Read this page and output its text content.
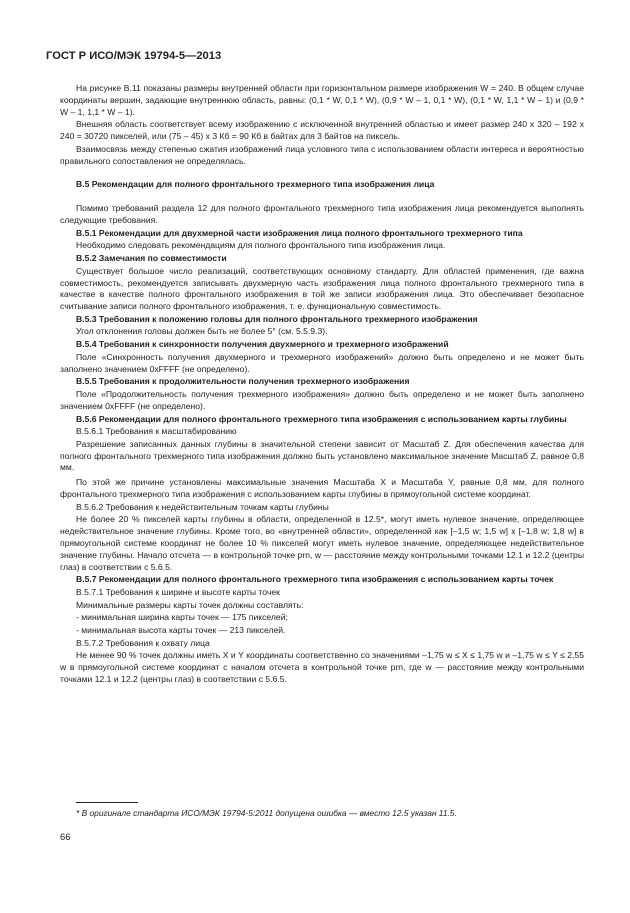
ГОСТ Р ИСО/МЭК 19794-5—2013

На рисунке В.11 показаны размеры внутренней области при горизонтальном размере изображения W = 240. В общем случае координаты вершин, задающие внутреннюю область, равны: (0,1 * W, 0,1 * W), (0,9 * W – 1, 0,1 * W), (0,1 * W, 1,1 * W – 1) и (0,9 * W – 1, 1,1 * W – 1).

Внешняя область соответствует всему изображению с исключенной внутренней областью и имеет размер 240 x 320 – 192 x 240 = 30720 пикселей, или (75 – 45) х 3 Кб = 90 Кб в байтах для 3 байтов на пиксель.

Взаимосвязь между степенью сжатия изображений лица условного типа с использованием области интереса и вероятностью правильного сопоставления не определялась.

В.5 Рекомендации для полного фронтального трехмерного типа изображения лица

Помимо требований раздела 12 для полного фронтального трехмерного типа изображения лица рекомендуется выполнять следующие требования.

В.5.1 Рекомендации для двухмерной части изображения лица полного фронтального трехмерного типа

Необходимо следовать рекомендациям для полного фронтального типа изображения лица.

В.5.2 Замечания по совместимости

Существует большое число реализаций, соответствующих основному стандарту. Для областей применения, где важна совместимость, рекомендуется записывать двухмерную часть изображения лица полного фронтального трехмерного типа в качестве в качестве полного фронтального изображения в той же записи изображения лица. Это обеспечивает безопасное считывание записи полного фронтального изображения, т. е. функциональную совместимость.

В.5.3 Требования к положению головы для полного фронтального трехмерного изображения

Угол отклонения головы должен быть не более 5° (см. 5.5.9.3).

В.5.4 Требования к синхронности получения двухмерного и трехмерного изображений

Поле «Синхронность получения двухмерного и трехмерного изображений» должно быть определено и не может быть заполнено значением 0xFFFF (не определено).

В.5.5 Требования к продолжительности получения трехмерного изображения

Поле «Продолжительность получения трехмерного изображения» должно быть определено и не может быть заполнено значением 0xFFFF (не определено).

В.5.6 Рекомендации для полного фронтального трехмерного типа изображения с использованием карты глубины

В.5.6.1 Требования к масштабированию

Разрешение записанных данных глубины в значительной степени зависит от Масштаб Z. Для обеспечения качества для полного фронтального трехмерного типа изображения должно быть установлено максимальное значение Масштаб Z, равное 0,8 мм.

По этой же причине установлены максимальные значения Масштаба X и Масштаба Y, равные 0,8 мм, для полного фронтального трехмерного типа изображения с использованием карты глубины в прямоугольной системе координат.

В.5.6.2 Требования к недействительным точкам карты глубины

Не более 20 % пикселей карты глубины в области, определенной в 12.5*, могут иметь нулевое значение, определяющее недействительное значение глубины. Кроме того, во «внутренней области», определенной как [–1,5 w; 1,5 w] x [–1,8 w; 1,8 w] в прямоугольной системе координат не более 10 % пикселей могут иметь нулевое значение, определяющее недействительное значение глубины. Начало отсчета — в контрольной точке prn, w — расстояние между контрольными точками 12.1 и 12.2 (центры глаз) в соответствии с 5.6.5.

В.5.7 Рекомендации для полного фронтального трехмерного типа изображения с использованием карты точек

В.5.7.1 Требования к ширине и высоте карты точек

Минимальные размеры карты точек должны составлять:

- минимальная ширина карты точек — 175 пикселей;

- минимальная высота карты точек — 213 пикселей.

В.5.7.2 Требования к охвату лица

Не менее 90 % точек должны иметь X и Y координаты соответственно со значениями –1,75 w ≤ X ≤ 1,75 w и –1,75 w ≤ Y ≤ 2,55 w в прямоугольной системе координат с началом отсчета в контрольной точке prn, где w — расстояние между контрольными точками 12.1 и 12.2 (центры глаз) в соответствии с 5.6.5.

* В оригинале стандарта ИСО/МЭК 19794-5:2011 допущена ошибка — вместо 12.5 указан 11.5.
66
